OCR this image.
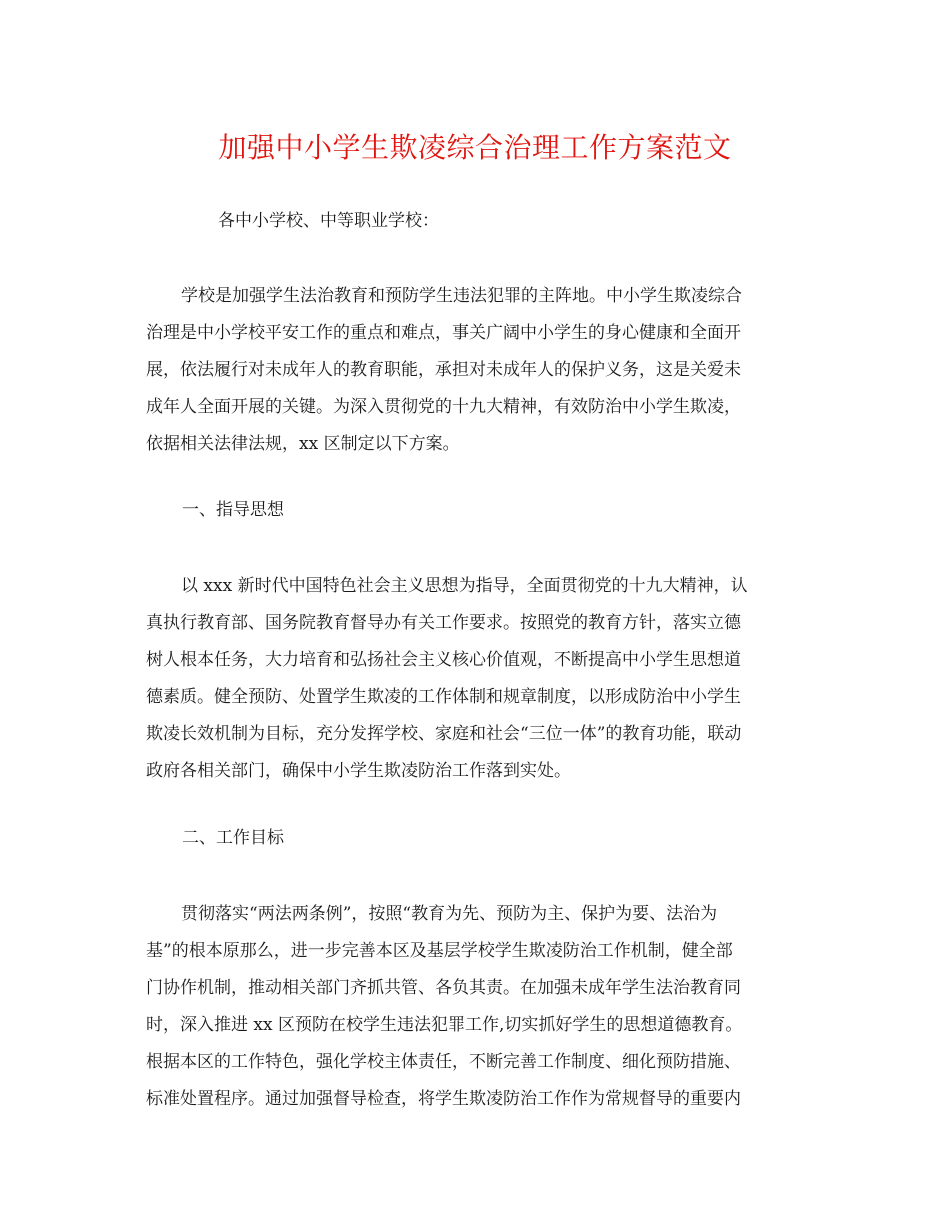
加强中小学生欺凌综合治理工作方案范文

各中小学校、中等职业学校：

学校是加强学生法治教育和预防学生违法犯罪的主阵地。中小学生欺凌综合
治理是中小学校平安工作的重点和难点，事关广阔中小学生的身心健康和全面开
展，依法履行对未成年人的教育职能，承担对未成年人的保护义务，这是关爱未
成年人全面开展的关键。为深入贯彻党的十九大精神，有效防治中小学生欺凌，
依据相关法律法规，xx 区制定以下方案。

一、指导思想

以 xxx 新时代中国特色社会主义思想为指导，全面贯彻党的十九大精神，认
真执行教育部、国务院教育督导办有关工作要求。按照党的教育方针，落实立德
树人根本任务，大力培育和弘扬社会主义核心价值观，不断提高中小学生思想道
德素质。健全预防、处置学生欺凌的工作体制和规章制度，以形成防治中小学生
欺凌长效机制为目标，充分发挥学校、家庭和社会“三位一体”的教育功能，联动
政府各相关部门，确保中小学生欺凌防治工作落到实处。

二、工作目标

贯彻落实“两法两条例”，按照“教育为先、预防为主、保护为要、法治为
基”的根本原那么，进一步完善本区及基层学校学生欺凌防治工作机制，健全部
门协作机制，推动相关部门齐抓共管、各负其责。在加强未成年学生法治教育同
时，深入推进 xx 区预防在校学生违法犯罪工作,切实抓好学生的思想道德教育。
根据本区的工作特色，强化学校主体责任，不断完善工作制度、细化预防措施、
标准处置程序。通过加强督导检查，将学生欺凌防治工作作为常规督导的重要内
